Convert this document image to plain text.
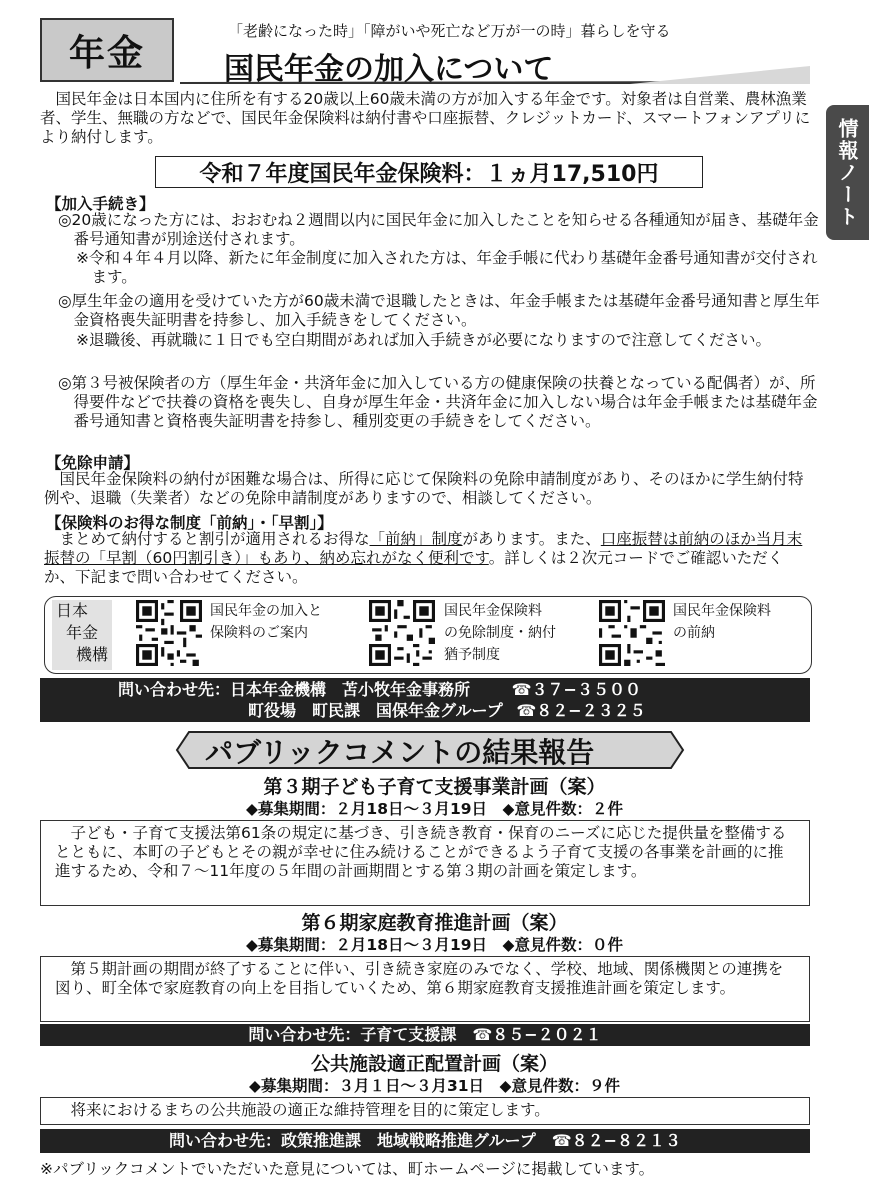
年金
「老齢になった時」「障がいや死亡など万が一の時」暮らしを守る
国民年金の加入について
情報ノート
国民年金は日本国内に住所を有する20歳以上60歳未満の方が加入する年金です。対象者は自営業、農林漁業者、学生、無職の方などで、国民年金保険料は納付書や口座振替、クレジットカード、スマートフォンアプリにより納付します。
令和７年度国民年金保険料：１ヵ月17,510円
【加入手続き】
◎20歳になった方には、おおむね２週間以内に国民年金に加入したことを知らせる各種通知が届き、基礎年金番号通知書が別途送付されます。
※令和４年４月以降、新たに年金制度に加入された方は、年金手帳に代わり基礎年金番号通知書が交付されます。
◎厚生年金の適用を受けていた方が60歳未満で退職したときは、年金手帳または基礎年金番号通知書と厚生年金資格喪失証明書を持参し、加入手続きをしてください。
※退職後、再就職に１日でも空白期間があれば加入手続きが必要になりますので注意してください。
◎第３号被保険者の方（厚生年金・共済年金に加入している方の健康保険の扶養となっている配偶者）が、所得要件などで扶養の資格を喪失し、自身が厚生年金・共済年金に加入しない場合は年金手帳または基礎年金番号通知書と資格喪失証明書を持参し、種別変更の手続きをしてください。
【免除申請】
国民年金保険料の納付が困難な場合は、所得に応じて保険料の免除申請制度があり、そのほかに学生納付特例や、退職（失業者）などの免除申請制度がありますので、相談してください。
【保険料のお得な制度「前納」・「早割」】
まとめて納付すると割引が適用されるお得な「前納」制度があります。また、口座振替は前納のほか当月末振替の「早割（60円割引き）」もあり、納め忘れがなく便利です。詳しくは２次元コードでご確認いただくか、下記まで問い合わせてください。
日本
年金
機構
国民年金の加入と
保険料のご案内
国民年金保険料
の免除制度・納付
猶予制度
国民年金保険料
の前納
問い合わせ先：日本年金機構　苫小牧年金事務所	☎３７−３５００
町役場　町民課　国保年金グループ ☎８２−２３２５
パブリックコメントの結果報告
第３期子ども子育て支援事業計画（案）
◆募集期間：２月18日〜３月19日　◆意見件数：２件
子ども・子育て支援法第61条の規定に基づき、引き続き教育・保育のニーズに応じた提供量を整備するとともに、本町の子どもとその親が幸せに住み続けることができるよう子育て支援の各事業を計画的に推進するため、令和７〜11年度の５年間の計画期間とする第３期の計画を策定します。
第６期家庭教育推進計画（案）
◆募集期間：２月18日〜３月19日　◆意見件数：０件
第５期計画の期間が終了することに伴い、引き続き家庭のみでなく、学校、地域、関係機関との連携を図り、町全体で家庭教育の向上を目指していくため、第６期家庭教育支援推進計画を策定します。
問い合わせ先：子育て支援課　☎８５−２０２１
公共施設適正配置計画（案）
◆募集期間：３月１日〜３月31日　◆意見件数：９件
将来におけるまちの公共施設の適正な維持管理を目的に策定します。
問い合わせ先：政策推進課　地域戦略推進グループ　☎８２−８２１３
※パブリックコメントでいただいた意見については、町ホームページに掲載しています。
